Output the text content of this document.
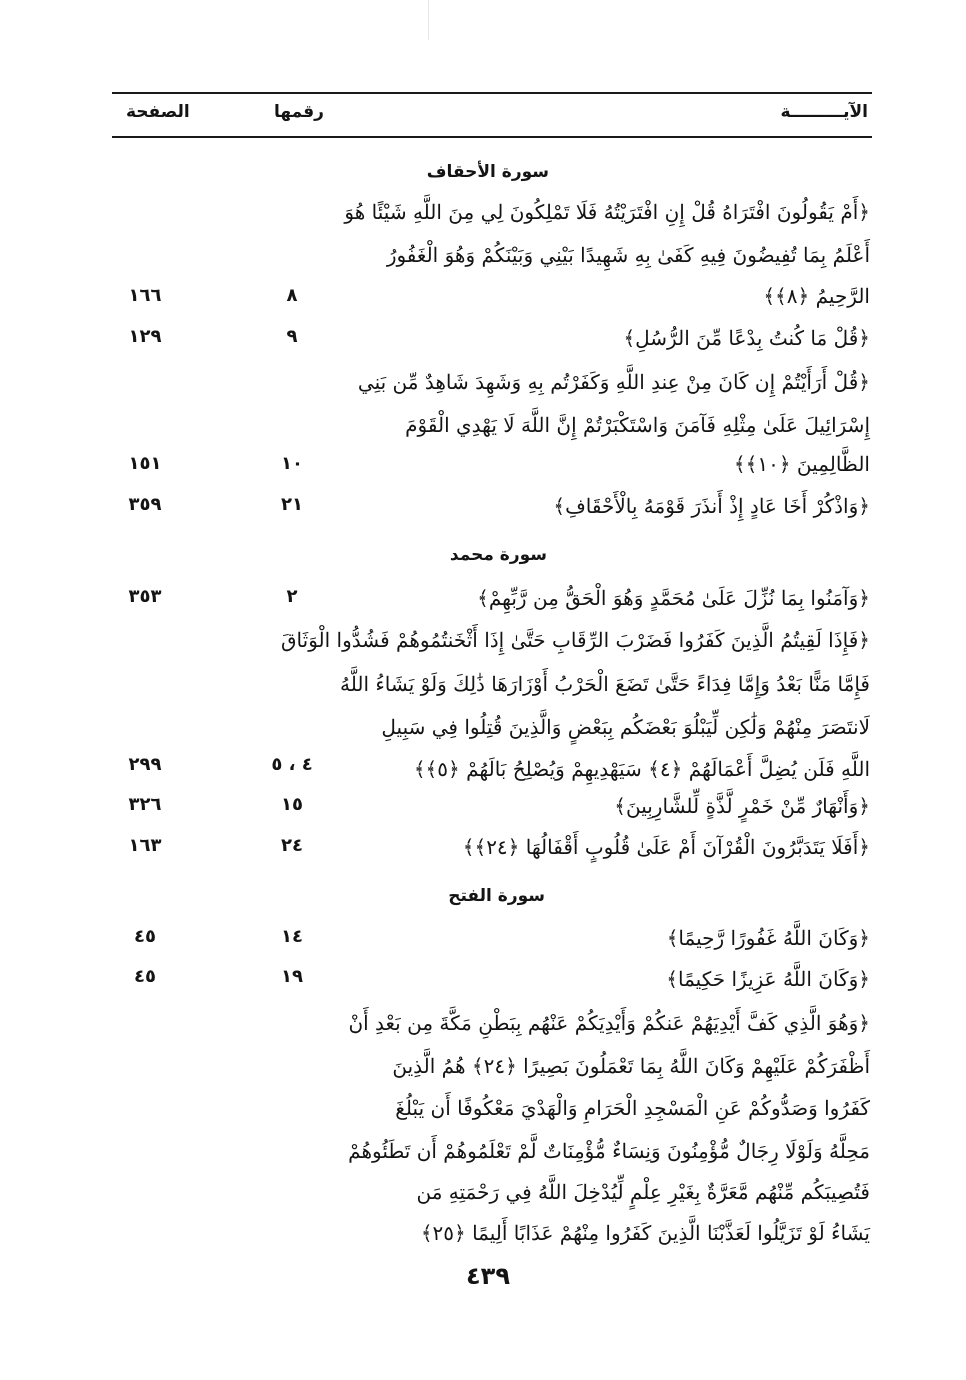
الآيـــــــــة
رقمها
الصفحة
سورة الأحقاف
﴿أَمْ يَقُولُونَ افْتَرَاهُ قُلْ إِنِ افْتَرَيْتُهُ فَلَا تَمْلِكُونَ لِي مِنَ اللَّهِ شَيْئًا هُوَ
أَعْلَمُ بِمَا تُفِيضُونَ فِيهِ كَفَىٰ بِهِ شَهِيدًا بَيْنِي وَبَيْنَكُمْ وَهُوَ الْغَفُورُ
الرَّحِيمُ ﴿٨﴾﴾
٨
١٦٦
﴿قُلْ مَا كُنتُ بِدْعًا مِّنَ الرُّسُلِ﴾
٩
١٢٩
﴿قُلْ أَرَأَيْتُمْ إِن كَانَ مِنْ عِندِ اللَّهِ وَكَفَرْتُم بِهِ وَشَهِدَ شَاهِدٌ مِّن بَنِي
إِسْرَائِيلَ عَلَىٰ مِثْلِهِ فَآمَنَ وَاسْتَكْبَرْتُمْ إِنَّ اللَّهَ لَا يَهْدِي الْقَوْمَ
الظَّالِمِينَ ﴿١٠﴾﴾
١٠
١٥١
﴿وَاذْكُرْ أَخَا عَادٍ إِذْ أَنذَرَ قَوْمَهُ بِالْأَحْقَافِ﴾
٢١
٣٥٩
سورة محمد
﴿وَآمَنُوا بِمَا نُزِّلَ عَلَىٰ مُحَمَّدٍ وَهُوَ الْحَقُّ مِن رَّبِّهِمْ﴾
٢
٣٥٣
﴿فَإِذَا لَقِيتُمُ الَّذِينَ كَفَرُوا فَضَرْبَ الرِّقَابِ حَتَّىٰ إِذَا أَثْخَنتُمُوهُمْ فَشُدُّوا الْوَثَاقَ
فَإِمَّا مَنًّا بَعْدُ وَإِمَّا فِدَاءً حَتَّىٰ تَضَعَ الْحَرْبُ أَوْزَارَهَا ذَٰلِكَ وَلَوْ يَشَاءُ اللَّهُ
لَانتَصَرَ مِنْهُمْ وَلَٰكِن لِّيَبْلُوَ بَعْضَكُم بِبَعْضٍ وَالَّذِينَ قُتِلُوا فِي سَبِيلِ
اللَّهِ فَلَن يُضِلَّ أَعْمَالَهُمْ ﴿٤﴾ سَيَهْدِيهِمْ وَيُصْلِحُ بَالَهُمْ ﴿٥﴾﴾
٤ ، ٥
٢٩٩
﴿وَأَنْهَارٌ مِّنْ خَمْرٍ لَّذَّةٍ لِّلشَّارِبِينَ﴾
١٥
٣٢٦
﴿أَفَلَا يَتَدَبَّرُونَ الْقُرْآنَ أَمْ عَلَىٰ قُلُوبٍ أَقْفَالُهَا ﴿٢٤﴾﴾
٢٤
١٦٣
سورة الفتح
﴿وَكَانَ اللَّهُ غَفُورًا رَّحِيمًا﴾
١٤
٤٥
﴿وَكَانَ اللَّهُ عَزِيزًا حَكِيمًا﴾
١٩
٤٥
﴿وَهُوَ الَّذِي كَفَّ أَيْدِيَهُمْ عَنكُمْ وَأَيْدِيَكُمْ عَنْهُم بِبَطْنِ مَكَّةَ مِن بَعْدِ أَنْ
أَظْفَرَكُمْ عَلَيْهِمْ وَكَانَ اللَّهُ بِمَا تَعْمَلُونَ بَصِيرًا ﴿٢٤﴾ هُمُ الَّذِينَ
كَفَرُوا وَصَدُّوكُمْ عَنِ الْمَسْجِدِ الْحَرَامِ وَالْهَدْيَ مَعْكُوفًا أَن يَبْلُغَ
مَحِلَّهُ وَلَوْلَا رِجَالٌ مُّؤْمِنُونَ وَنِسَاءٌ مُّؤْمِنَاتٌ لَّمْ تَعْلَمُوهُمْ أَن تَطَئُوهُمْ
فَتُصِيبَكُم مِّنْهُم مَّعَرَّةٌ بِغَيْرِ عِلْمٍ لِّيُدْخِلَ اللَّهُ فِي رَحْمَتِهِ مَن
يَشَاءُ لَوْ تَزَيَّلُوا لَعَذَّبْنَا الَّذِينَ كَفَرُوا مِنْهُمْ عَذَابًا أَلِيمًا ﴿٢٥﴾
٤٣٩
